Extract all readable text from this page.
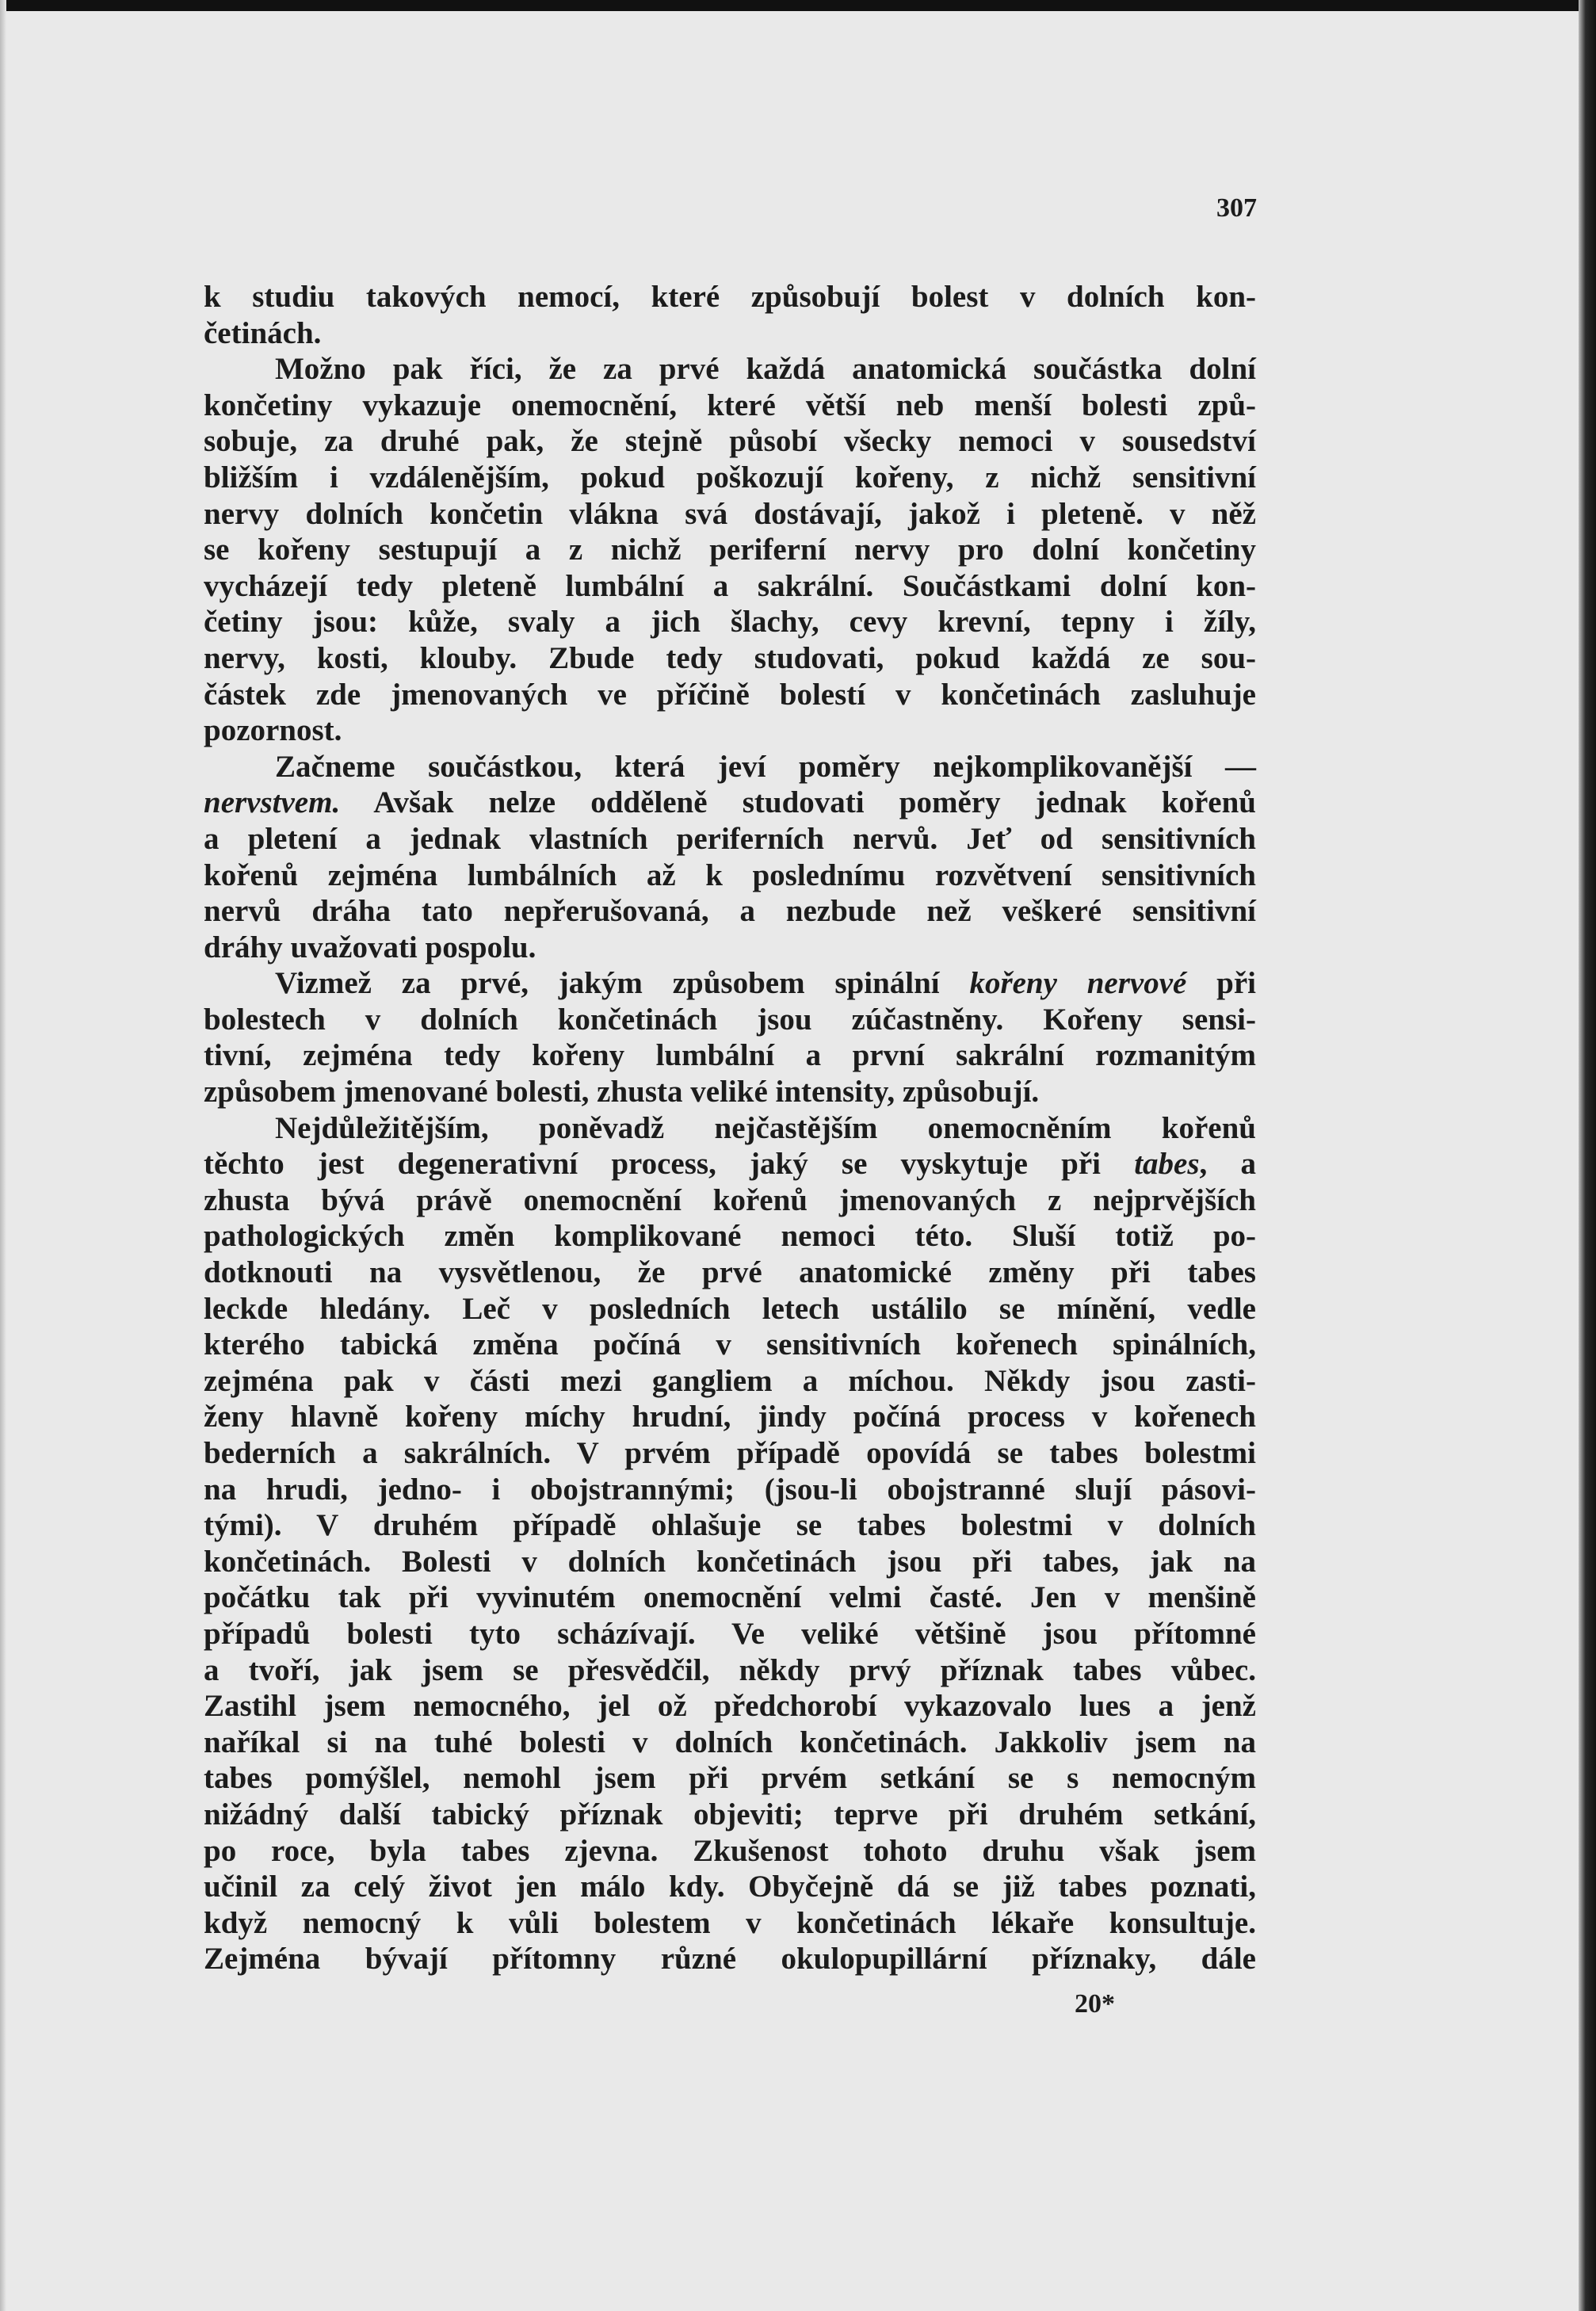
307
k studiu takových nemocí, které způsobují bolest v dolních kon-
četinách.
Možno pak říci, že za prvé každá anatomická součástka dolní
končetiny vykazuje onemocnění, které větší neb menší bolesti způ-
sobuje, za druhé pak, že stejně působí všecky nemoci v sousedství
bližším i vzdálenějším, pokud poškozují kořeny, z nichž sensitivní
nervy dolních končetin vlákna svá dostávají, jakož i pleteně. v něž
se kořeny sestupují a z nichž periferní nervy pro dolní končetiny
vycházejí tedy pleteně lumbální a sakrální. Součástkami dolní kon-
četiny jsou: kůže, svaly a jich šlachy, cevy krevní, tepny i žíly,
nervy, kosti, klouby. Zbude tedy studovati, pokud každá ze sou-
částek zde jmenovaných ve příčině bolestí v končetinách zasluhuje
pozornost.
Začneme součástkou, která jeví poměry nejkomplikovanější —
nervstvem. Avšak nelze odděleně studovati poměry jednak kořenů
a pletení a jednak vlastních periferních nervů. Jeť od sensitivních
kořenů zejména lumbálních až k poslednímu rozvětvení sensitivních
nervů dráha tato nepřerušovaná, a nezbude než veškeré sensitivní
dráhy uvažovati pospolu.
Vizmež za prvé, jakým způsobem spinální kořeny nervové při
bolestech v dolních končetinách jsou zúčastněny. Kořeny sensi-
tivní, zejména tedy kořeny lumbální a první sakrální rozmanitým
způsobem jmenované bolesti, zhusta veliké intensity, způsobují.
Nejdůležitějším, poněvadž nejčastějším onemocněním kořenů
těchto jest degenerativní process, jaký se vyskytuje při tabes, a
zhusta bývá právě onemocnění kořenů jmenovaných z nejprvějších
pathologických změn komplikované nemoci této. Sluší totiž po-
dotknouti na vysvětlenou, že prvé anatomické změny při tabes
leckde hledány. Leč v posledních letech ustálilo se mínění, vedle
kterého tabická změna počíná v sensitivních kořenech spinálních,
zejména pak v části mezi gangliem a míchou. Někdy jsou zasti-
ženy hlavně kořeny míchy hrudní, jindy počíná process v kořenech
bederních a sakrálních. V prvém případě opovídá se tabes bolestmi
na hrudi, jedno- i obojstrannými; (jsou-li obojstranné slují pásovi-
tými). V druhém případě ohlašuje se tabes bolestmi v dolních
končetinách. Bolesti v dolních končetinách jsou při tabes, jak na
počátku tak při vyvinutém onemocnění velmi časté. Jen v menšině
případů bolesti tyto scházívají. Ve veliké většině jsou přítomné
a tvoří, jak jsem se přesvědčil, někdy prvý příznak tabes vůbec.
Zastihl jsem nemocného, jel ož předchorobí vykazovalo lues a jenž
naříkal si na tuhé bolesti v dolních končetinách. Jakkoliv jsem na
tabes pomýšlel, nemohl jsem při prvém setkání se s nemocným
nižádný další tabický příznak objeviti; teprve při druhém setkání,
po roce, byla tabes zjevna. Zkušenost tohoto druhu však jsem
učinil za celý život jen málo kdy. Obyčejně dá se již tabes poznati,
když nemocný k vůli bolestem v končetinách lékaře konsultuje.
Zejména bývají přítomny různé okulopupillární příznaky, dále
20*
